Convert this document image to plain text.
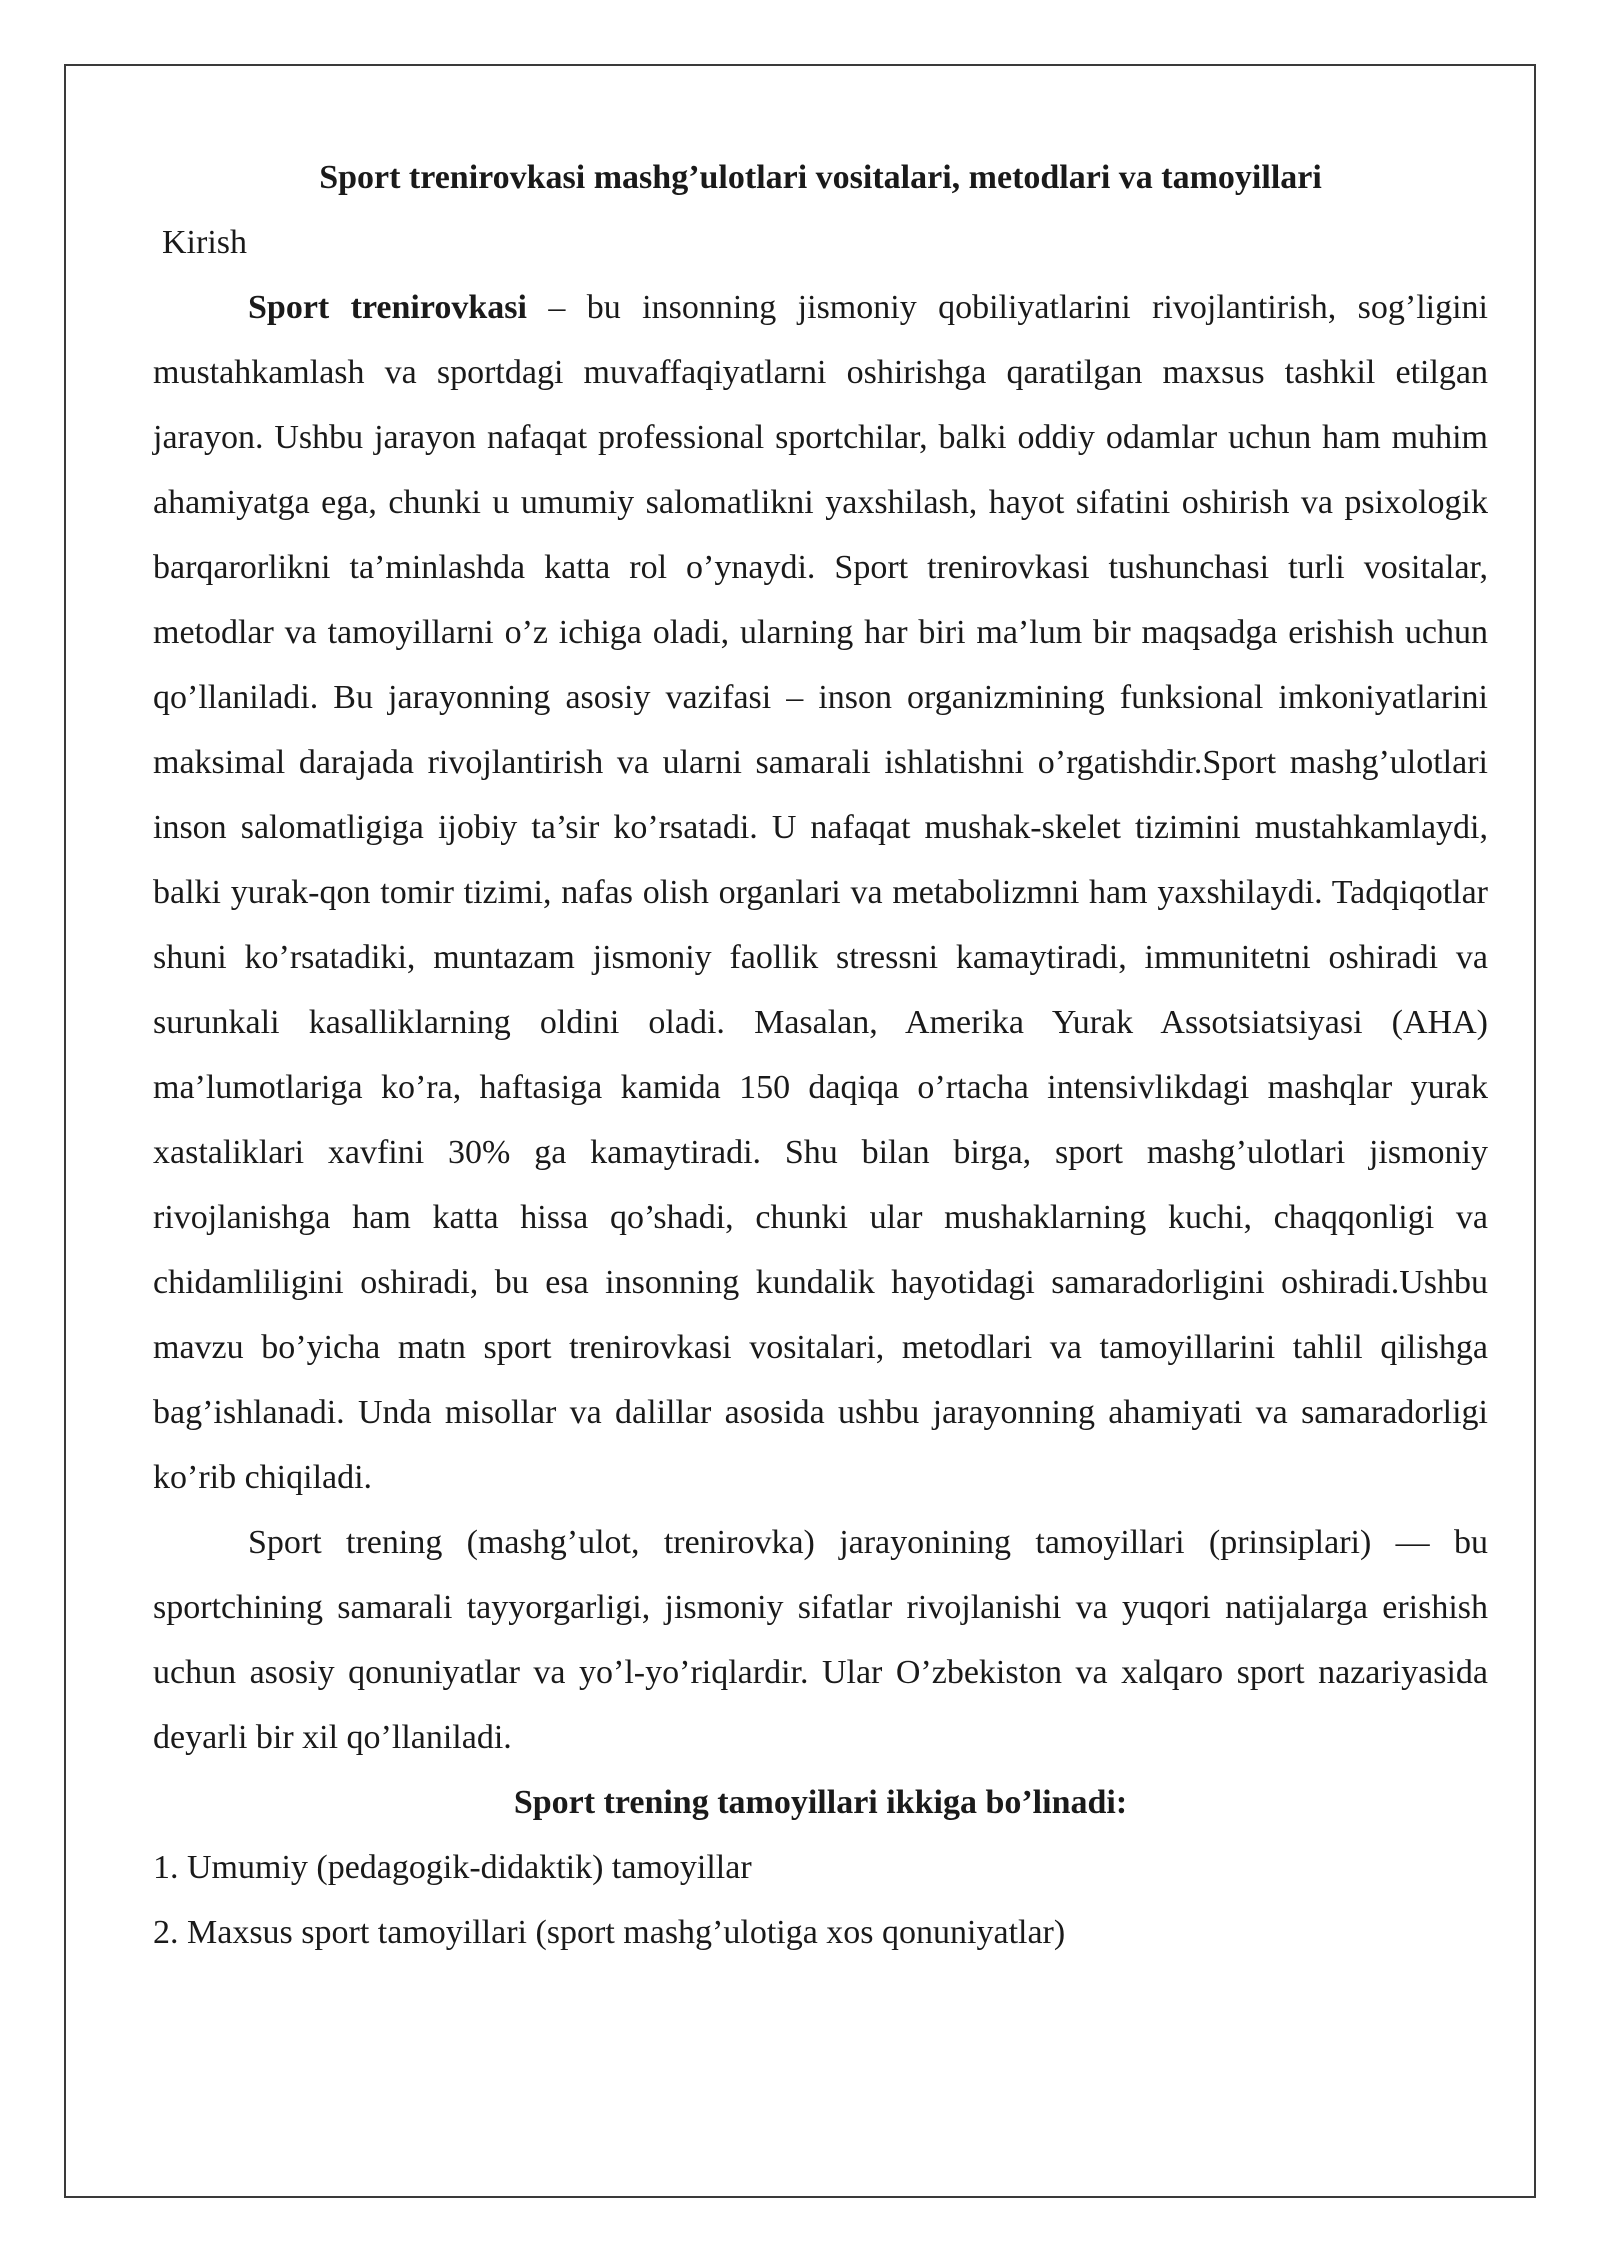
Sport trenirovkasi mashg’ulotlari vositalari, metodlari va tamoyillari

Kirish

Sport trenirovkasi – bu insonning jismoniy qobiliyatlarini rivojlantirish, sog’ligini mustahkamlash va sportdagi muvaffaqiyatlarni oshirishga qaratilgan maxsus tashkil etilgan jarayon. Ushbu jarayon nafaqat professional sportchilar, balki oddiy odamlar uchun ham muhim ahamiyatga ega, chunki u umumiy salomatlikni yaxshilash, hayot sifatini oshirish va psixologik barqarorlikni ta’minlashda katta rol o’ynaydi. Sport trenirovkasi tushunchasi turli vositalar, metodlar va tamoyillarni o’z ichiga oladi, ularning har biri ma’lum bir maqsadga erishish uchun qo’llaniladi. Bu jarayonning asosiy vazifasi – inson organizmining funksional imkoniyatlarini maksimal darajada rivojlantirish va ularni samarali ishlatishni o’rgatishdir.Sport mashg’ulotlari inson salomatligiga ijobiy ta’sir ko’rsatadi. U nafaqat mushak-skelet tizimini mustahkamlaydi, balki yurak-qon tomir tizimi, nafas olish organlari va metabolizmni ham yaxshilaydi. Tadqiqotlar shuni ko’rsatadiki, muntazam jismoniy faollik stressni kamaytiradi, immunitetni oshiradi va surunkali kasalliklarning oldini oladi. Masalan, Amerika Yurak Assotsiatsiyasi (AHA) ma’lumotlariga ko’ra, haftasiga kamida 150 daqiqa o’rtacha intensivlikdagi mashqlar yurak xastaliklari xavfini 30% ga kamaytiradi. Shu bilan birga, sport mashg’ulotlari jismoniy rivojlanishga ham katta hissa qo’shadi, chunki ular mushaklarning kuchi, chaqqonligi va chidamliligini oshiradi, bu esa insonning kundalik hayotidagi samaradorligini oshiradi.Ushbu mavzu bo’yicha matn sport trenirovkasi vositalari, metodlari va tamoyillarini tahlil qilishga bag’ishlanadi. Unda misollar va dalillar asosida ushbu jarayonning ahamiyati va samaradorligi ko’rib chiqiladi.

Sport trening (mashg’ulot, trenirovka) jarayonining tamoyillari (prinsiplari) — bu sportchining samarali tayyorgarligi, jismoniy sifatlar rivojlanishi va yuqori natijalarga erishish uchun asosiy qonuniyatlar va yo’l-yo’riqlardir. Ular O’zbekiston va xalqaro sport nazariyasida deyarli bir xil qo’llaniladi.

Sport trening tamoyillari ikkiga bo’linadi:

1. Umumiy (pedagogik-didaktik) tamoyillar

2. Maxsus sport tamoyillari (sport mashg’ulotiga xos qonuniyatlar)
